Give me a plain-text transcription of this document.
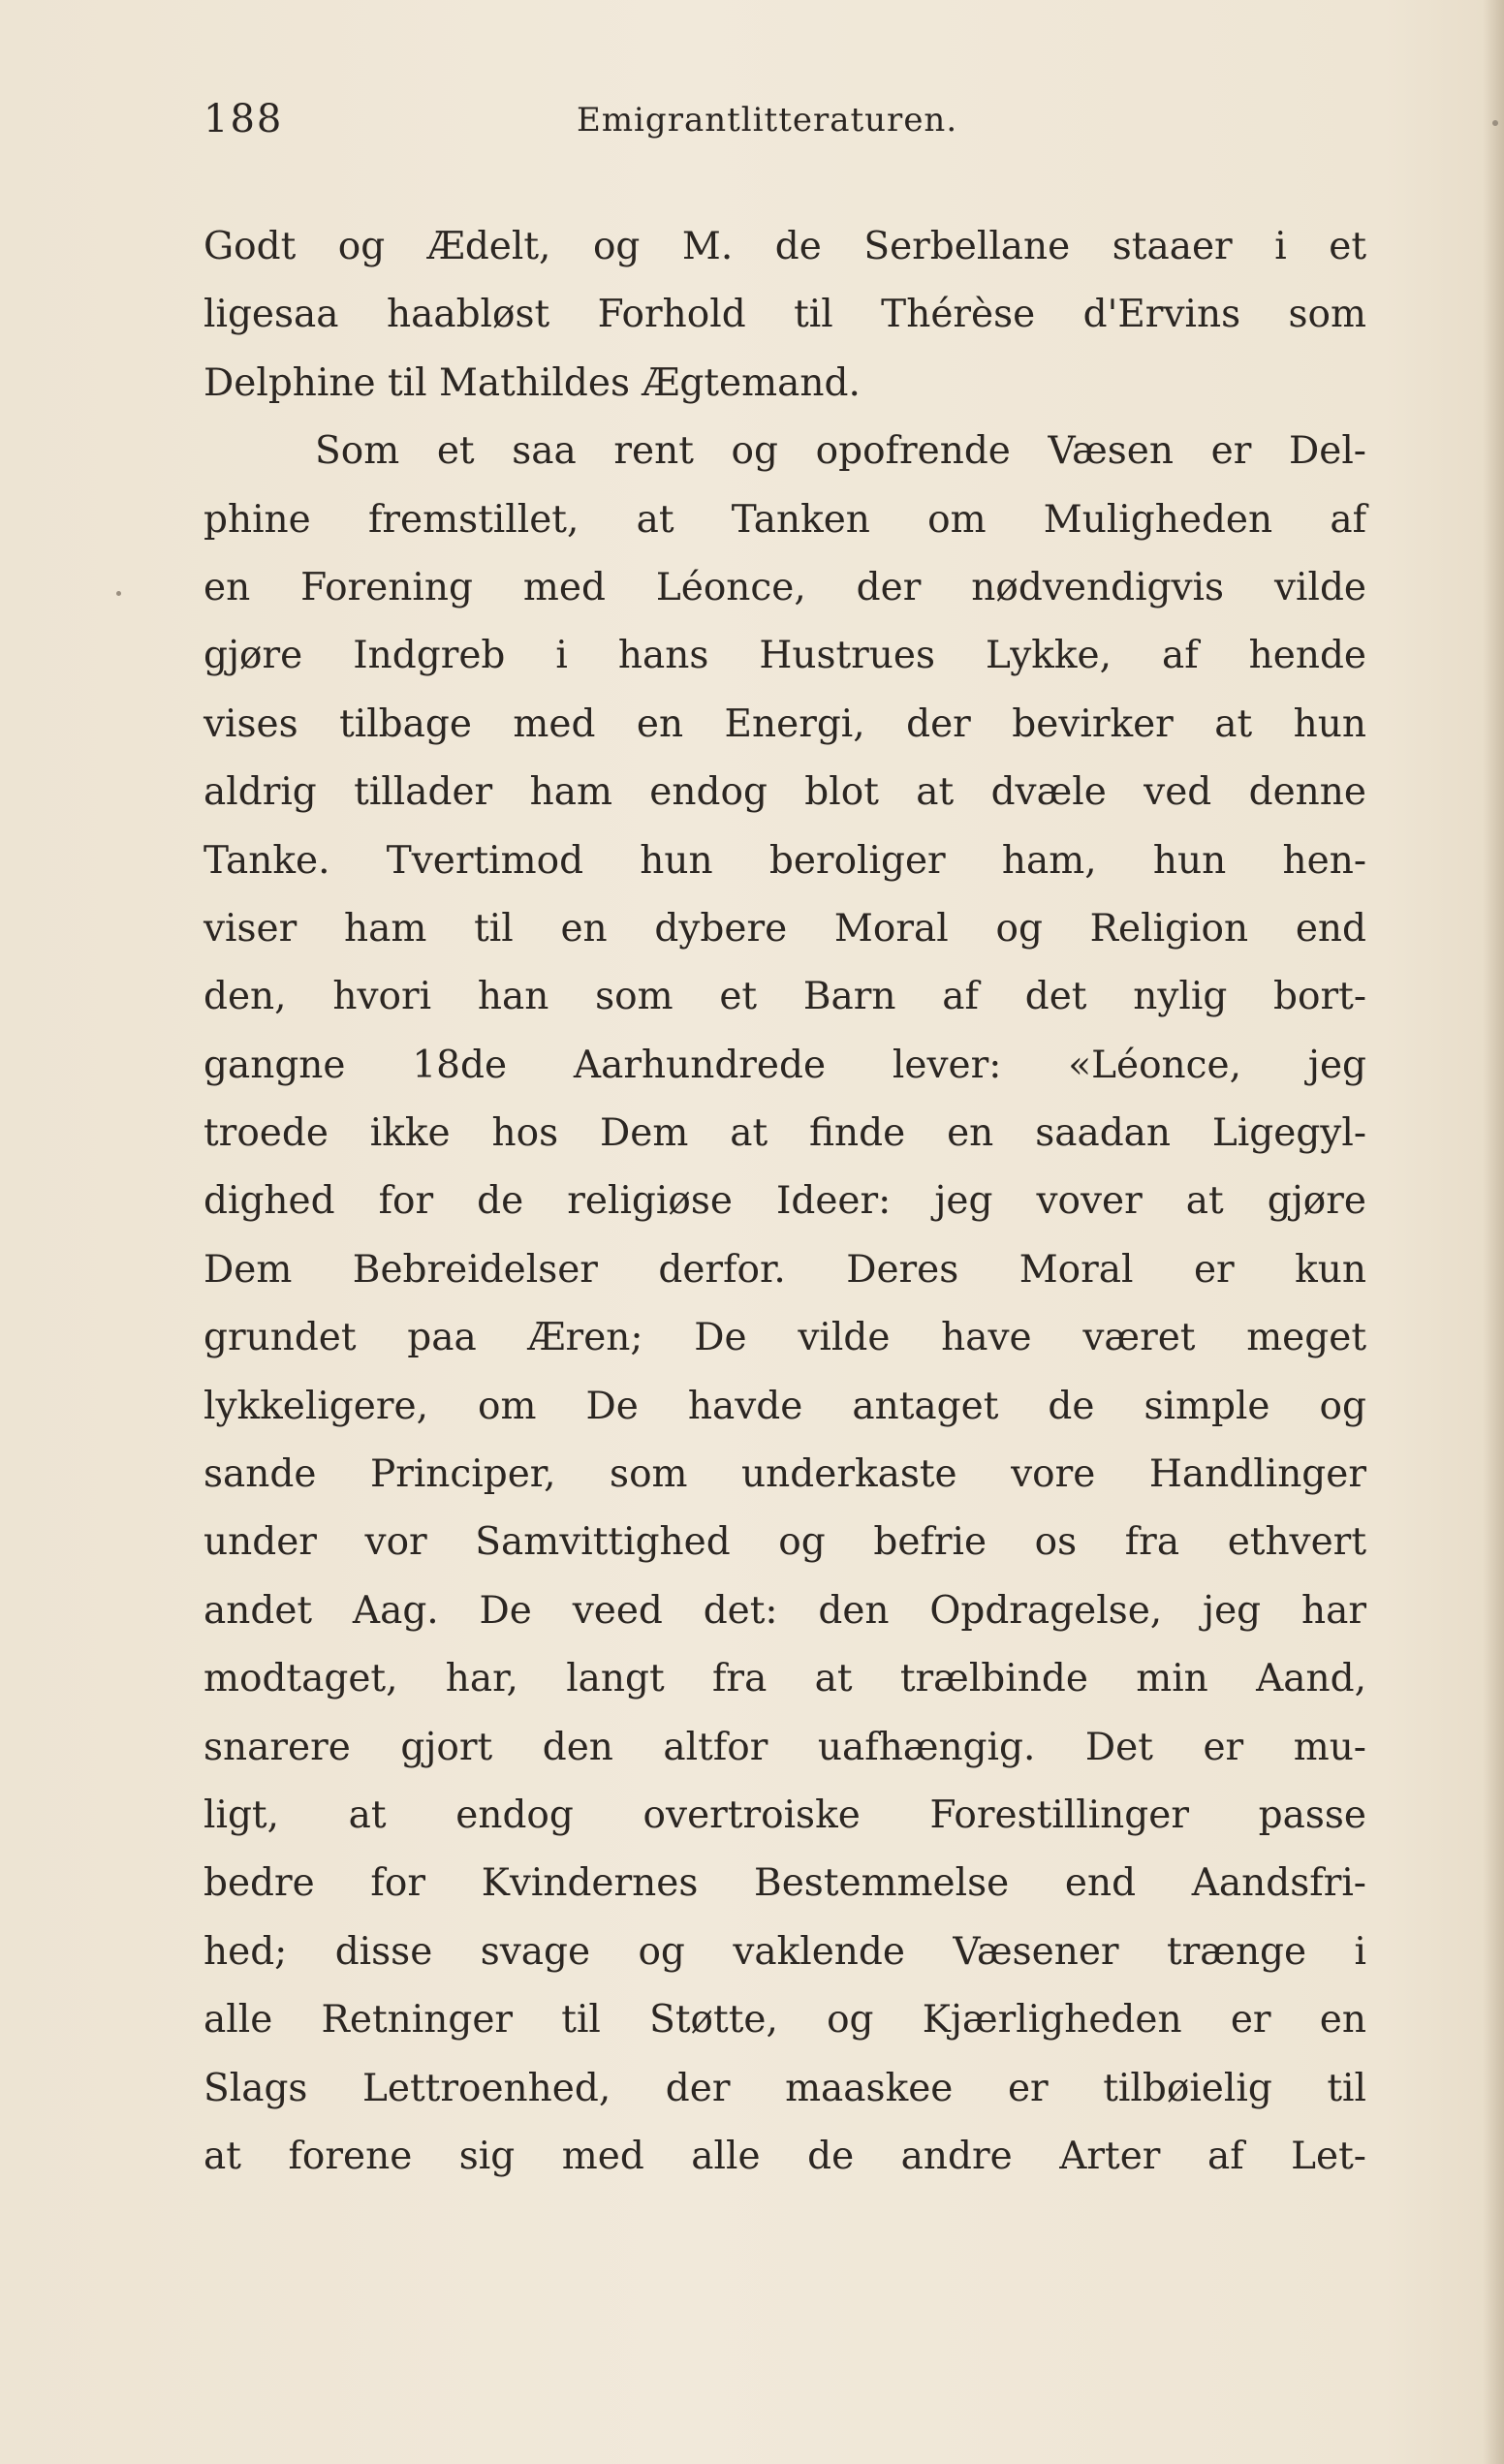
188	Emigrantlitteraturen.
Godt og Ædelt, og M. de Serbellane staaer i et
ligesaa haabløst Forhold til Thérèse d'Ervins som
Delphine til Mathildes Ægtemand.
Som et saa rent og opofrende Væsen er Del-
phine fremstillet, at Tanken om Muligheden af
en Forening med Léonce, der nødvendigvis vilde
gjøre Indgreb i hans Hustrues Lykke, af hende
vises tilbage med en Energi, der bevirker at hun
aldrig tillader ham endog blot at dvæle ved denne
Tanke. Tvertimod hun beroliger ham, hun hen-
viser ham til en dybere Moral og Religion end
den, hvori han som et Barn af det nylig bort-
gangne 18de Aarhundrede lever: «Léonce, jeg
troede ikke hos Dem at finde en saadan Ligegyl-
dighed for de religiøse Ideer: jeg vover at gjøre
Dem Bebreidelser derfor. Deres Moral er kun
grundet paa Æren; De vilde have været meget
lykkeligere, om De havde antaget de simple og
sande Principer, som underkaste vore Handlinger
under vor Samvittighed og befrie os fra ethvert
andet Aag. De veed det: den Opdragelse, jeg har
modtaget, har, langt fra at trælbinde min Aand,
snarere gjort den altfor uafhængig. Det er mu-
ligt, at endog overtroiske Forestillinger passe
bedre for Kvindernes Bestemmelse end Aandsfri-
hed; disse svage og vaklende Væsener trænge i
alle Retninger til Støtte, og Kjærligheden er en
Slags Lettroenhed, der maaskee er tilbøielig til
at forene sig med alle de andre Arter af Let-
